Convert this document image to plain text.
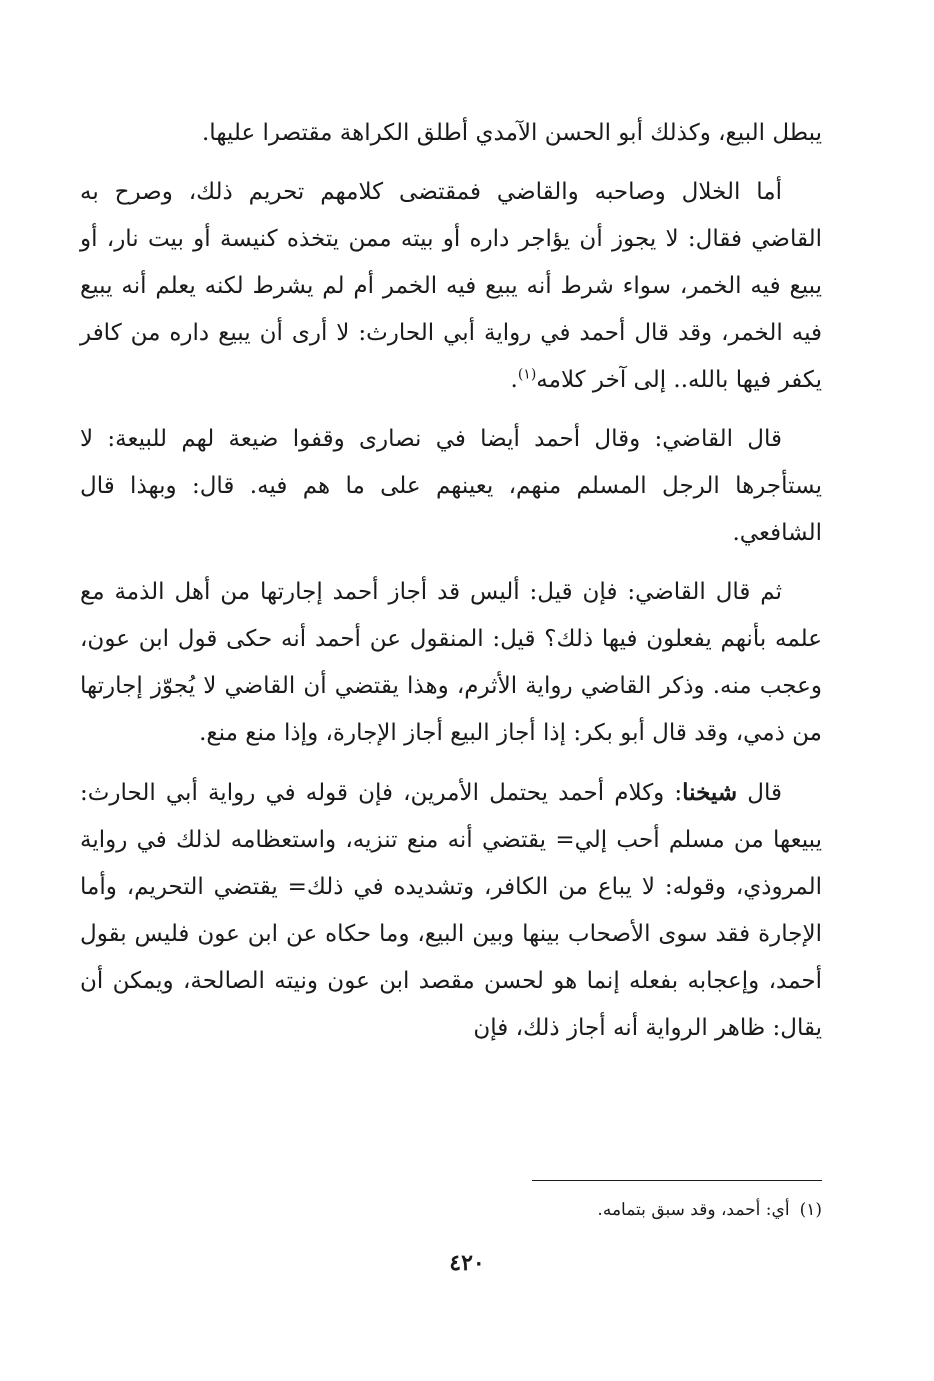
يبطل البيع، وكذلك أبو الحسن الآمدي أطلق الكراهة مقتصرا عليها.

أما الخلال وصاحبه والقاضي فمقتضى كلامهم تحريم ذلك، وصرح به القاضي فقال: لا يجوز أن يؤاجر داره أو بيته ممن يتخذه كنيسة أو بيت نار، أو يبيع فيه الخمر، سواء شرط أنه يبيع فيه الخمر أم لم يشرط لكنه يعلم أنه يبيع فيه الخمر، وقد قال أحمد في رواية أبي الحارث: لا أرى أن يبيع داره من كافر يكفر فيها بالله.. إلى آخر كلامه$^{(١)}$.

قال القاضي: وقال أحمد أيضا في نصارى وقفوا ضيعة لهم للبيعة: لا يستأجرها الرجل المسلم منهم، يعينهم على ما هم فيه. قال: وبهذا قال الشافعي.

ثم قال القاضي: فإن قيل: أليس قد أجاز أحمد إجارتها من أهل الذمة مع علمه بأنهم يفعلون فيها ذلك؟ قيل: المنقول عن أحمد أنه حكى قول ابن عون، وعجب منه. وذكر القاضي رواية الأثرم، وهذا يقتضي أن القاضي لا يُجوّز إجارتها من ذمي، وقد قال أبو بكر: إذا أجاز البيع أجاز الإجارة، وإذا منع منع.

قال شيخنا: وكلام أحمد يحتمل الأمرين، فإن قوله في رواية أبي الحارث: يبيعها من مسلم أحب إلي= يقتضي أنه منع تنزيه، واستعظامه لذلك في رواية المروذي، وقوله: لا يباع من الكافر، وتشديده في ذلك= يقتضي التحريم، وأما الإجارة فقد سوى الأصحاب بينها وبين البيع، وما حكاه عن ابن عون فليس بقول أحمد، وإعجابه بفعله إنما هو لحسن مقصد ابن عون ونيته الصالحة، ويمكن أن يقال: ظاهر الرواية أنه أجاز ذلك، فإن

(١)أي: أحمد، وقد سبق بتمامه.
٤٢٠
